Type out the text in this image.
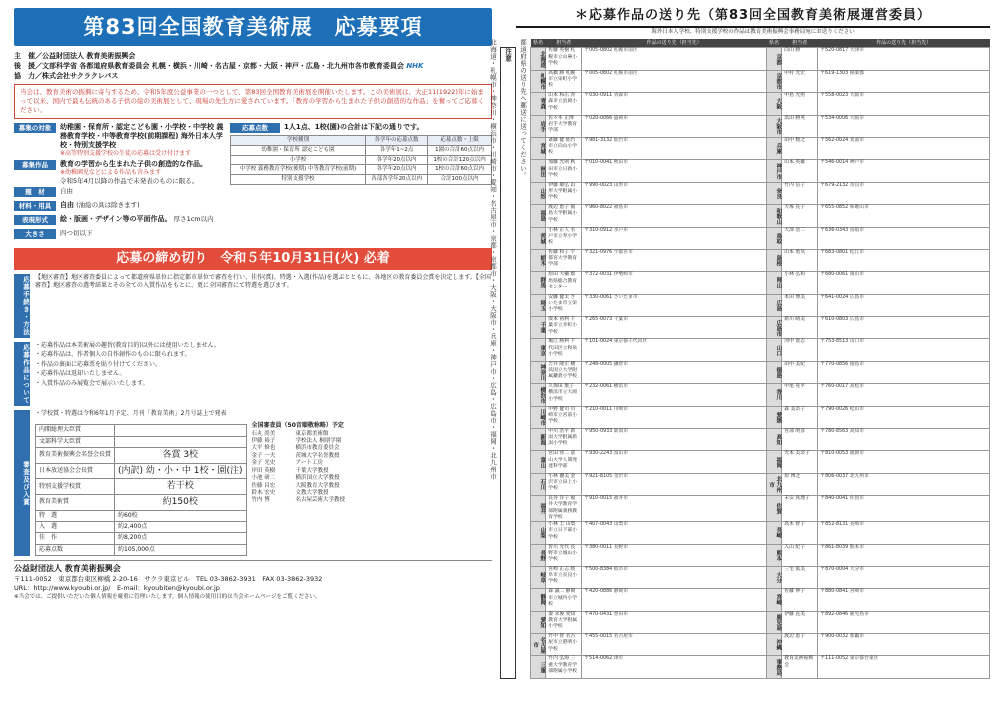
第83回全国教育美術展　応募要項
主　催／公益財団法人 教育美術振興会
後　援／文部科学省 各都道府県教育委員会 札幌・横浜・川崎・名古屋・京都・大阪・神戸・広島・北九州市各市教育委員会 NHK
協　力／株式会社サクラクレパス
当会は、教育美術の振興に寄与するため、令和5年度公益事業の一つとして、第83回全国教育美術展を開催いたします。この美術展は、大正11(1922)年に始まって以来、国内で最も伝統のある子供の絵の美術展として、現場の先生方に愛されています。「教育の学習から生まれた子供の創造的な作品」を奮ってご応募ください。
募集の対象	幼稚園・保育所・認定こども園・小学校・中学校 義務教育学校・中等教育学校(前期課程) 海外日本人学校・特別支援学校
※高等特別支援学校の生徒の応募は受け付けます
募集作品	教育の学習から生まれた子供の創造的な作品。
※幼稚園児などによる作品も含みます
令和5年4月以降の作品で未発表のものに限る。
題　材	自由
材料・用具	自由 (油絵の具は除きます)
表現形式	絵・版画・デザイン等の平面作品。 厚さ1cm以内
大きさ	四つ切以下
応募点数	1人1点、1校(園)の合計は下記の通りです。
学校種別	各学年の応募点数	応募点数・上限
幼稚園・保育所 認定こども園	各学年1~2点	1園の合計60点以内
小学校	各学年20点以内	1校の合計120点以内
中学校 義務教育学校(後期) 中等教育学校(前期)	各学年20点以内	1校の合計60点以内
特別支援学校	各部各学年20点以内	合計100点以内
応募の締め切り　令和５年10月31日(火) 必着
応募手続き・方法 【地区審査】地区審査委員によって都道府県単位に指定都市単位で審査を行い、佳作(賞)、特選・入選(作品)を選ぶとともに、各地区の教育委員会賞を決定します。【全国審査】地区審査の選考結果とその全ての入賞作品をもとに、更に全国審査にて特選を選びます。
応募作品について ・応募作品は本美術展の趣旨(教育目的)以外には使用いたしません。

・応募作品は、作者個人の自作創作のものに限られます。

・作品の裏面に応募票を貼り付けてください。

・応募作品は返却いたしません。

・入賞作品のみ展覧会で展示いたします。

審査及び入賞
・学校賞・特選は令和6年1月予定、月刊「教育美術」2月号誌上で発表
内閣総理大臣賞	
文部科学大臣賞	
教育美術振興会名誉会長賞	各賞 3校
日本放送協会会長賞	(内訳) 幼・小・中 1校・園(注)
特別支援学校賞	若干校
教育美術賞	約150校
特　選	約60校
入　選	約2,400点
佳　作	約8,200点
応募点数	約105,000点
全国審査員（50音順敬称略）予定
石丸 尚美	東京都美術館
伊藤 裕子	学校法人 桐朋学園
大平 修也	横浜市教育委員会
金子 一夫	茨城大学名誉教授
金子 光史	アート工房
岸田 英樹	千葉大学教授
小池 研二	横浜国立大学教授
佐藤 昌宏	大阪教育大学教授
鈴木 宏史	文教大学教授
竹内 博	名古屋芸術大学教授
公益財団法人 教育美術振興会
〒111-0052　東京都台東区柳橋 2-20-16　サクラ東京ビル　TEL 03-3862-3931　FAX 03-3862-3932
URL：http://www.kyoubi.or.jp/　E-mail：kyoubiten@kyoubi.or.jp
※当会では、ご提供いただいた個人情報を厳重に管理いたします。個人情報の使用目的は当会ホームページをご覧ください。
＊応募作品の送り先（第83回全国教育美術展運営委員）
海外日本人学校、特別支援学校の作品は教育美術振興会事務局宛にお送りください
都道府県の送り先へ郵送に送ってください。
注意
北海道・札幌市・神奈川・横浜市・川崎市・愛知・名古屋市・京都・京都市・大阪・大阪市・兵庫・神戸市・広島・広島市・福岡・北九州市	県名	担当者	作品の送り先（担当先）	県名	担当者	作品の送り先（担当先）
北海道	佐藤 英樹 札幌市立山鼻小学校	〒005-0802 札幌市南区	京都	向山 勝	〒520-0817 大津市
札幌市	高橋 勝 札幌市立栄町小学校	〒005-0802 札幌市南区	京都市	中村 光宏	〒619-1303 相楽郡
青森	山本 和広 青森市立浪岡小学校	〒030-0911 青森市	大阪	中島 光照	〒558-0023 大阪市
岩手	佐々木 正博 岩手大学教育学部	〒020-0066 盛岡市	大阪市	浜田 勝英	〒534-0006 大阪市
宮城	斎藤 健 仙台市立向山小学校	〒981-3132 仙台市	兵庫	田中 数之	〒562-0024 箕面市
秋田	加藤 光則 秋田市立日新小学校	〒010-0041 秋田市	神戸市	山本 英雄	〒546-0014 神戸市
山形	伊藤 敏弘 山形大学附属小学校	〒990-0023 山形市	奈良	竹内 信子	〒679-2132 奈良市
福島	渡辺 恵子 福島大学附属小学校	〒960-8022 福島市	和歌山	大塚 長子	〒655-0852 和歌山市
茨城	小林 正人 水戸市立寿小学校	〒310-0912 水戸市	鳥取	大澤 浩二	〒636-0343 鳥取市
栃木	佐藤 和子 宇都宮大学教育学部	〒321-0976 宇都宮市	島根	山本 勇気	〒683-0801 松江市
群馬	原田 大輔 群馬県総合教育センター	〒372-0031 伊勢崎市	岡山	小林 弘和	〒680-0061 岡山市
埼玉	安藤 健太 さいたま市立栄小学校	〒330-0061 さいたま市	広島	本田 博美	〒641-0024 広島市
千葉	湊本 初利 千葉市立幸町小学校	〒265-0073 千葉市	広島市	新川 晴美	〒610-0803 広島市
東京	堀江 勝利 千代田区立和泉小学校	〒101-0024 東京都千代田区	山口	河中 貴志	〒753-8513 山口市
神奈川	吉井 隆宏 横浜国立大学附属鎌倉小学校	〒248-0005 鎌倉市	徳島	田中 美紀	〒770-0856 徳島市
横浜市	久保田 康子 横浜市立大岡小学校	〒232-0061 横浜市	香川	中尾 晃平	〒760-0017 高松市
川崎市	中野 健司 川崎市立宮前小学校	〒210-0011 川崎市	愛媛	森 美奈子	〒790-0026 松山市
新潟	中川 浩平 新潟大学附属新潟小学校	〒950-0933 新潟市	高知	宮部 明彦	〒780-8563 高知市
富山	宮田 淳二 富山大学人間発達科学部	〒930-2243 富山市	福岡	光本 美奈子	〒810-0053 福岡市
石川	小林 優美 金沢市立田上小学校	〒921-8105 金沢市	北九州市	原 博之	〒806-0037 北九州市
福井	長谷 洋子 福井大学教育学部附属義務教育学校	〒910-0015 福井市	佐賀	末安 真理子	〒840-0041 佐賀市
山梨	小林 圭 山梨市立日下部小学校	〒407-0043 山梨市	長崎	高木 智子	〒852-8131 長崎市
長野	曽川 光代 長野市立城山小学校	〒380-0011 長野市	熊本	入山 紀子	〒861-8039 熊本市
岐阜	宮崎 正志 岐阜市立長良小学校	〒500-8384 岐阜市	大分	三宅 篤美	〒870-0004 大分市
静岡	森 誠二 静岡市立城内小学校	〒420-0886 静岡市	宮崎	佐藤 伸子	〒880-0841 宮崎市
愛知	秦 永俊 愛知教育大学附属小学校	〒470-0431 豊田市	鹿児島	伊藤 直美	〒892-0846 鹿児島市
名古屋市	竹中 智 名古屋市立港明小学校	〒455-0015 名古屋市	沖縄	渡辺 恵子	〒900-0032 那覇市
三重	竹内 弘海 三重大学教育学部附属小学校	〒514-0062 津市	事務局	教育美術振興会	〒111-0052 東京都台東区
